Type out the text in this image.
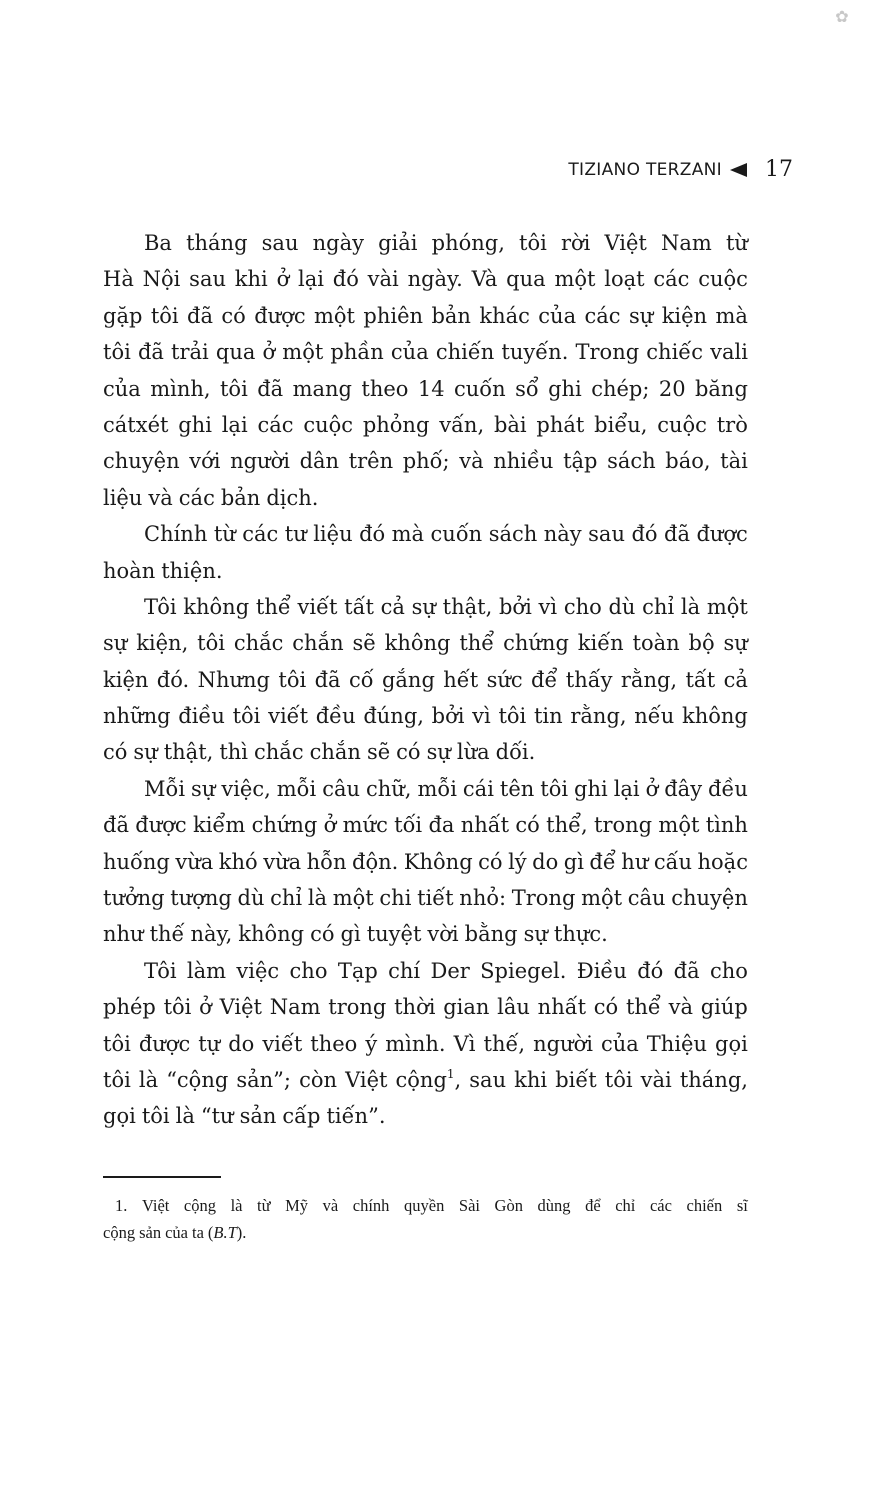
✿
TIZIANO TERZANI 17
Ba tháng sau ngày giải phóng, tôi rời Việt Nam từ
Hà Nội sau khi ở lại đó vài ngày. Và qua một loạt các cuộc
gặp tôi đã có được một phiên bản khác của các sự kiện mà
tôi đã trải qua ở một phần của chiến tuyến. Trong chiếc vali
của mình, tôi đã mang theo 14 cuốn sổ ghi chép; 20 băng
cátxét ghi lại các cuộc phỏng vấn, bài phát biểu, cuộc trò
chuyện với người dân trên phố; và nhiều tập sách báo, tài
liệu và các bản dịch.
Chính từ các tư liệu đó mà cuốn sách này sau đó đã được
hoàn thiện.
Tôi không thể viết tất cả sự thật, bởi vì cho dù chỉ là một
sự kiện, tôi chắc chắn sẽ không thể chứng kiến toàn bộ sự
kiện đó. Nhưng tôi đã cố gắng hết sức để thấy rằng, tất cả
những điều tôi viết đều đúng, bởi vì tôi tin rằng, nếu không
có sự thật, thì chắc chắn sẽ có sự lừa dối.
Mỗi sự việc, mỗi câu chữ, mỗi cái tên tôi ghi lại ở đây đều
đã được kiểm chứng ở mức tối đa nhất có thể, trong một tình
huống vừa khó vừa hỗn độn. Không có lý do gì để hư cấu hoặc
tưởng tượng dù chỉ là một chi tiết nhỏ: Trong một câu chuyện
như thế này, không có gì tuyệt vời bằng sự thực.
Tôi làm việc cho Tạp chí Der Spiegel. Điều đó đã cho
phép tôi ở Việt Nam trong thời gian lâu nhất có thể và giúp
tôi được tự do viết theo ý mình. Vì thế, người của Thiệu gọi
tôi là “cộng sản”; còn Việt cộng$^1$, sau khi biết tôi vài tháng,
gọi tôi là “tư sản cấp tiến”.
1. Việt cộng là từ Mỹ và chính quyền Sài Gòn dùng để chỉ các chiến sĩ
cộng sản của ta (B.T).
